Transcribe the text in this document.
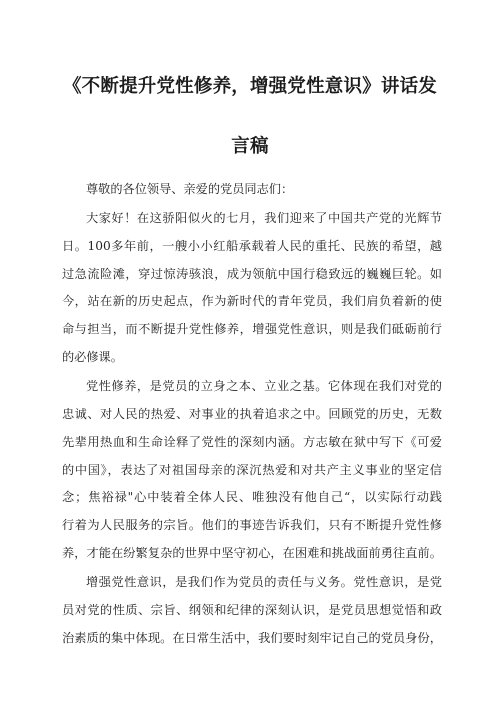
《不断提升党性修养，增强党性意识》讲话发
言稿
尊敬的各位领导、亲爱的党员同志们：
大家好！在这骄阳似火的七月，我们迎来了中国共产党的光辉节
日。100多年前，一艘小小红船承载着人民的重托、民族的希望，越
过急流险滩，穿过惊涛骇浪，成为领航中国行稳致远的巍巍巨轮。如
今，站在新的历史起点，作为新时代的青年党员，我们肩负着新的使
命与担当，而不断提升党性修养，增强党性意识，则是我们砥砺前行
的必修课。
党性修养，是党员的立身之本、立业之基。它体现在我们对党的
忠诚、对人民的热爱、对事业的执着追求之中。回顾党的历史，无数
先辈用热血和生命诠释了党性的深刻内涵。方志敏在狱中写下《可爱
的中国》，表达了对祖国母亲的深沉热爱和对共产主义事业的坚定信
念；焦裕禄"心中装着全体人民、唯独没有他自己“，以实际行动践
行着为人民服务的宗旨。他们的事迹告诉我们，只有不断提升党性修
养，才能在纷繁复杂的世界中坚守初心，在困难和挑战面前勇往直前。
增强党性意识，是我们作为党员的责任与义务。党性意识，是党
员对党的性质、宗旨、纲领和纪律的深刻认识，是党员思想觉悟和政
治素质的集中体现。在日常生活中，我们要时刻牢记自己的党员身份，
